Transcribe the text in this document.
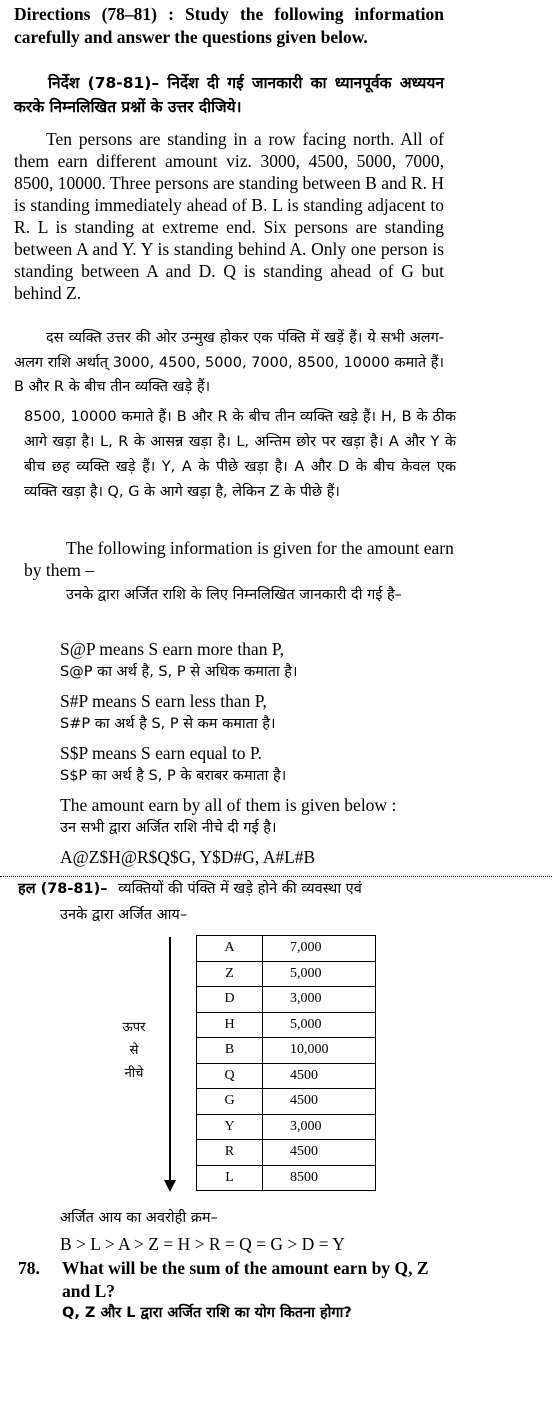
Directions (78–81) : Study the following information carefully and answer the questions given below.
निर्देश (78-81)– निर्देश दी गई जानकारी का ध्यानपूर्वक अध्ययन करके निम्नलिखित प्रश्नों के उत्तर दीजिये।
Ten persons are standing in a row facing north. All of them earn different amount viz. 3000, 4500, 5000, 7000, 8500, 10000. Three persons are standing between B and R. H is standing immediately ahead of B. L is standing adjacent to R. L is standing at extreme end. Six persons are standing between A and Y. Y is standing behind A. Only one person is standing between A and D. Q is standing ahead of G but behind Z.
दस व्यक्ति उत्तर की ओर उन्मुख होकर एक पंक्ति में खड़ें हैं। ये सभी अलग-अलग राशि अर्थात् 3000, 4500, 5000, 7000, 8500, 10000 कमाते हैं। B और R के बीच तीन व्यक्ति खड़े हैं।
8500, 10000 कमाते हैं। B और R के बीच तीन व्यक्ति खड़े हैं। H, B के ठीक आगे खड़ा है। L, R के आसन्न खड़ा है। L, अन्तिम छोर पर खड़ा है। A और Y के बीच छह व्यक्ति खड़े हैं। Y, A के पीछे खड़ा है। A और D के बीच केवल एक व्यक्ति खड़ा है। Q, G के आगे खड़ा है, लेकिन Z के पीछे हैं।
The following information is given for the amount earn by them –
उनके द्वारा अर्जित राशि के लिए निम्नलिखित जानकारी दी गई है–
S@P means S earn more than P,
S@P का अर्थ है, S, P से अधिक कमाता है।
S#P means S earn less than P,
S#P का अर्थ है S, P से कम कमाता है।
S$P means S earn equal to P.
S$P का अर्थ है S, P के बराबर कमाता है।
The amount earn by all of them is given below :
उन सभी द्वारा अर्जित राशि नीचे दी गई है।
A@Z$H@R$Q$G, Y$D#G, A#L#B
हल (78-81)– व्यक्तियों की पंक्ति में खड़े होने की व्यवस्था एवं
उनके द्वारा अर्जित आय–
ऊपर
से
नीचे
A	7,000
Z	5,000
D	3,000
H	5,000
B	10,000
Q	4500
G	4500
Y	3,000
R	4500
L	8500
अर्जित आय का अवरोही क्रम–
B > L > A > Z = H > R = Q = G > D = Y
78. What will be the sum of the amount earn by Q, Z and L?
Q, Z और L द्वारा अर्जित राशि का योग कितना होगा?
